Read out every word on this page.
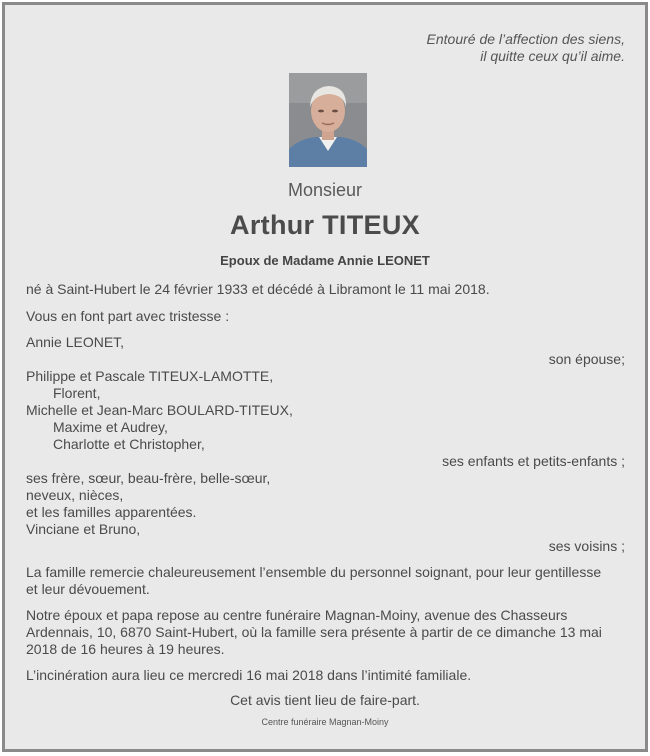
Entouré de l’affection des siens,
il quitte ceux qu’il aime.
Monsieur
Arthur TITEUX
Epoux de Madame Annie LEONET
né à Saint-Hubert le 24 février 1933 et décédé à Libramont le 11 mai 2018.
Vous en font part avec tristesse :
Annie LEONET,
son épouse;
Philippe et Pascale TITEUX-LAMOTTE,
Florent,
Michelle et Jean-Marc BOULARD-TITEUX,
Maxime et Audrey,
Charlotte et Christopher,
ses enfants et petits-enfants ;
ses frère, sœur, beau-frère, belle-sœur,
neveux, nièces,
et les familles apparentées.
Vinciane et Bruno,
ses voisins ;
La famille remercie chaleureusement l’ensemble du personnel soignant, pour leur gentillesse et leur dévouement.
Notre époux et papa repose au centre funéraire Magnan-Moiny, avenue des Chasseurs Ardennais, 10, 6870 Saint-Hubert, où la famille sera présente à partir de ce dimanche 13 mai 2018 de 16 heures à 19 heures.
L’incinération aura lieu ce mercredi 16 mai 2018 dans l’intimité familiale.
Cet avis tient lieu de faire-part.
Centre funéraire Magnan-Moiny
